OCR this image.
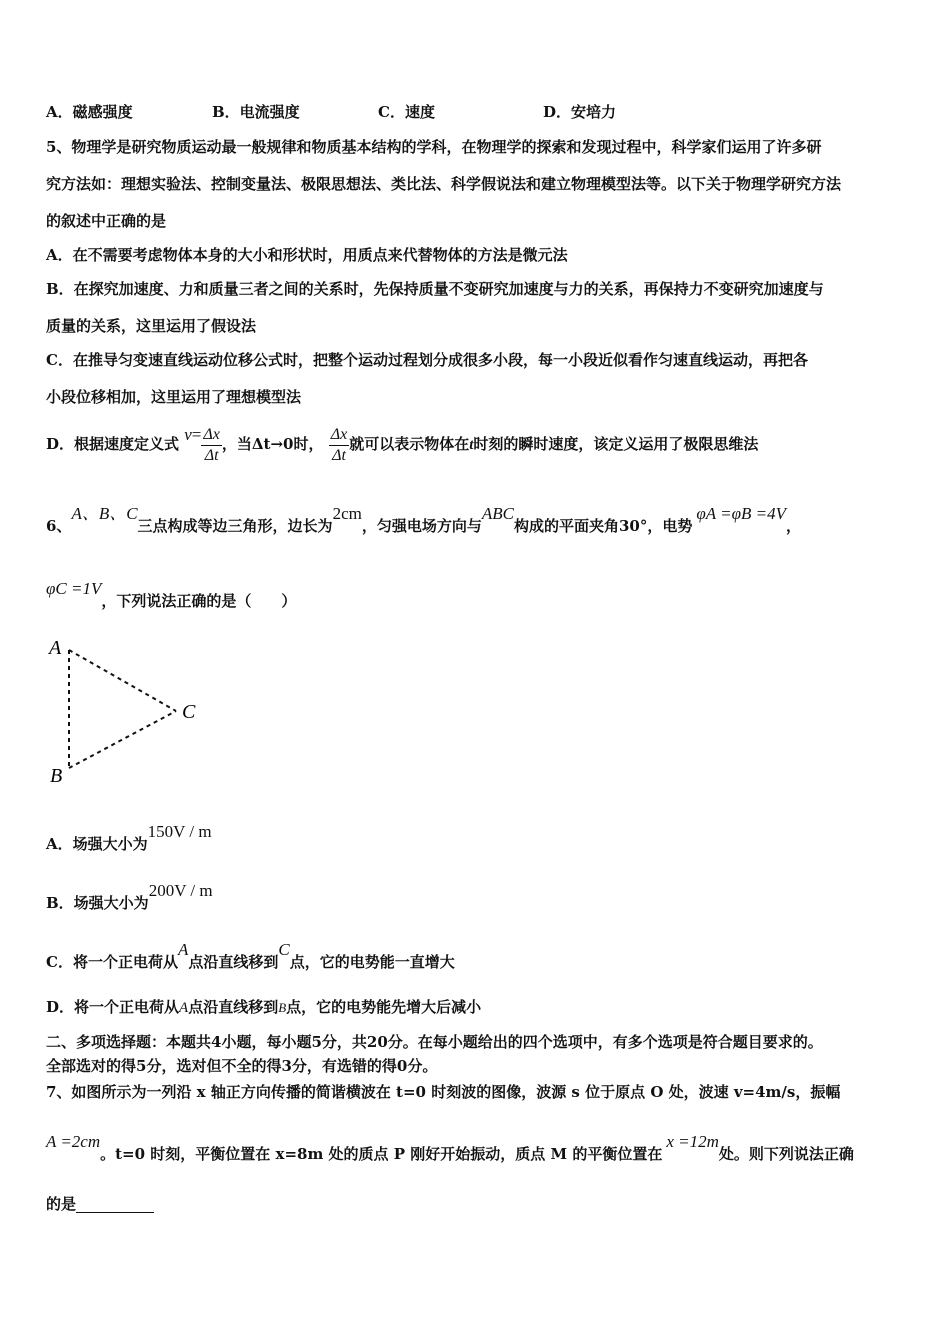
A．磁感强度	B．电流强度	C．速度	D．安培力
5、物理学是研究物质运动最一般规律和物质基本结构的学科，在物理学的探索和发现过程中，科学家们运用了许多研
究方法如：理想实验法、控制变量法、极限思想法、类比法、科学假说法和建立物理模型法等。以下关于物理学研究方法
的叙述中正确的是
A．在不需要考虑物体本身的大小和形状时，用质点来代替物体的方法是微元法
B．在探究加速度、力和质量三者之间的关系时，先保持质量不变研究加速度与力的关系，再保持力不变研究加速度与
质量的关系，这里运用了假设法
C．在推导匀变速直线运动位移公式时，把整个运动过程划分成很多小段，每一小段近似看作匀速直线运动，再把各
小段位移相加，这里运用了理想模型法
D．根据速度定义式 $v= \frac{\Delta x}{\Delta t}$ ，当Δt→0时， $\frac{\Delta x}{\Delta t}$ 就可以表示物体在t时刻的瞬时速度，该定义运用了极限思维法
6、A、B、C三点构成等边三角形，边长为2cm，匀强电场方向与ABC构成的平面夹角30°，电势φA =φB =4V，
φC =1V，下列说法正确的是（　　）
A
B
C
A．场强大小为150V / m
B．场强大小为200V / m
C．将一个正电荷从A点沿直线移到C点，它的电势能一直增大
D．将一个正电荷从A点沿直线移到B点，它的电势能先增大后减小
二、多项选择题：本题共4小题，每小题5分，共20分。在每小题给出的四个选项中，有多个选项是符合题目要求的。
全部选对的得5分，选对但不全的得3分，有选错的得0分。
7、如图所示为一列沿 x 轴正方向传播的简谐横波在 t=0 时刻波的图像，波源 s 位于原点 O 处，波速 v=4m/s，振幅
A =2cm。t=0 时刻，平衡位置在 x=8m 处的质点 P 刚好开始振动，质点 M 的平衡位置在x =12m处。则下列说法正确
的是
